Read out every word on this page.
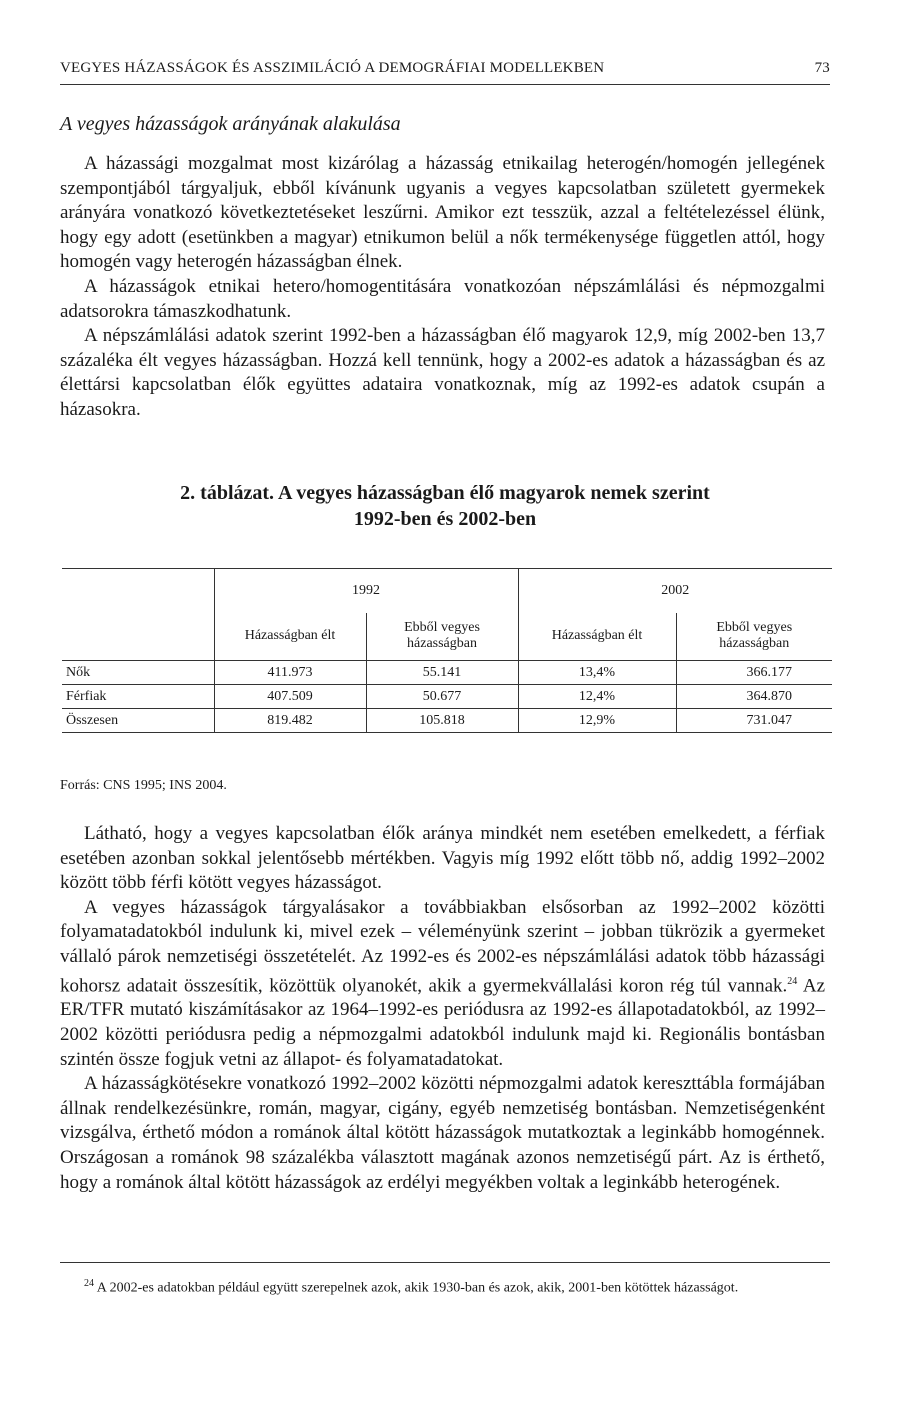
VEGYES HÁZASSÁGOK ÉS ASSZIMILÁCIÓ A DEMOGRÁFIAI MODELLEKBEN	73
A vegyes házasságok arányának alakulása

A házassági mozgalmat most kizárólag a házasság etnikailag heterogén/homogén jellegének szempontjából tárgyaljuk, ebből kívánunk ugyanis a vegyes kapcsolatban született gyermekek arányára vonatkozó következtetéseket leszűrni. Amikor ezt tesszük, azzal a feltételezéssel élünk, hogy egy adott (esetünkben a magyar) etnikumon belül a nők termékenysége független attól, hogy homogén vagy heterogén házasságban élnek.

A házasságok etnikai hetero/homogentitására vonatkozóan népszámlálási és népmozgalmi adatsorokra támaszkodhatunk.

A népszámlálási adatok szerint 1992-ben a házasságban élő magyarok 12,9, míg 2002-ben 13,7 százaléka élt vegyes házasságban. Hozzá kell tennünk, hogy a 2002-es adatok a házasságban és az élettársi kapcsolatban élők együttes adataira vonatkoznak, míg az 1992-es adatok csupán a házasokra.

2. táblázat. A vegyes házasságban élő magyarok nemek szerint
1992-ben és 2002-ben
	1992		2002	
	Házasságban élt	Ebből vegyes házasságban	Házasságban élt	Ebből vegyes házasságban
Nők	411.973	55.141	13,4%	366.177
Férfiak	407.509	50.677	12,4%	364.870
Összesen	819.482	105.818	12,9%	731.047
Forrás: CNS 1995; INS 2004.

Látható, hogy a vegyes kapcsolatban élők aránya mindkét nem esetében emelkedett, a férfiak esetében azonban sokkal jelentősebb mértékben. Vagyis míg 1992 előtt több nő, addig 1992–2002 között több férfi kötött vegyes házasságot.

A vegyes házasságok tárgyalásakor a továbbiakban elsősorban az 1992–2002 közötti folyamatadatokból indulunk ki, mivel ezek – véleményünk szerint – jobban tükrözik a gyermeket vállaló párok nemzetiségi összetételét. Az 1992-es és 2002-es népszámlálási adatok több házassági kohorsz adatait összesítik, közöttük olyanokét, akik a gyermekvállalási koron rég túl vannak.$^{24}$ Az ER/TFR mutató kiszámításakor az 1964–1992-es periódusra az 1992-es állapotadatokból, az 1992–2002 közötti periódusra pedig a népmozgalmi adatokból indulunk majd ki. Regionális bontásban szintén össze fogjuk vetni az állapot- és folyamatadatokat.

A házasságkötésekre vonatkozó 1992–2002 közötti népmozgalmi adatok kereszttábla formájában állnak rendelkezésünkre, román, magyar, cigány, egyéb nemzetiség bontásban. Nemzetiségenként vizsgálva, érthető módon a románok által kötött házasságok mutatkoztak a leginkább homogénnek. Országosan a románok 98 százalékba választott magának azonos nemzetiségű párt. Az is érthető, hogy a románok által kötött házasságok az erdélyi megyékben voltak a leginkább heterogének.

$^{24}$ A 2002-es adatokban például együtt szerepelnek azok, akik 1930-ban és azok, akik, 2001-ben kötöttek házasságot.
